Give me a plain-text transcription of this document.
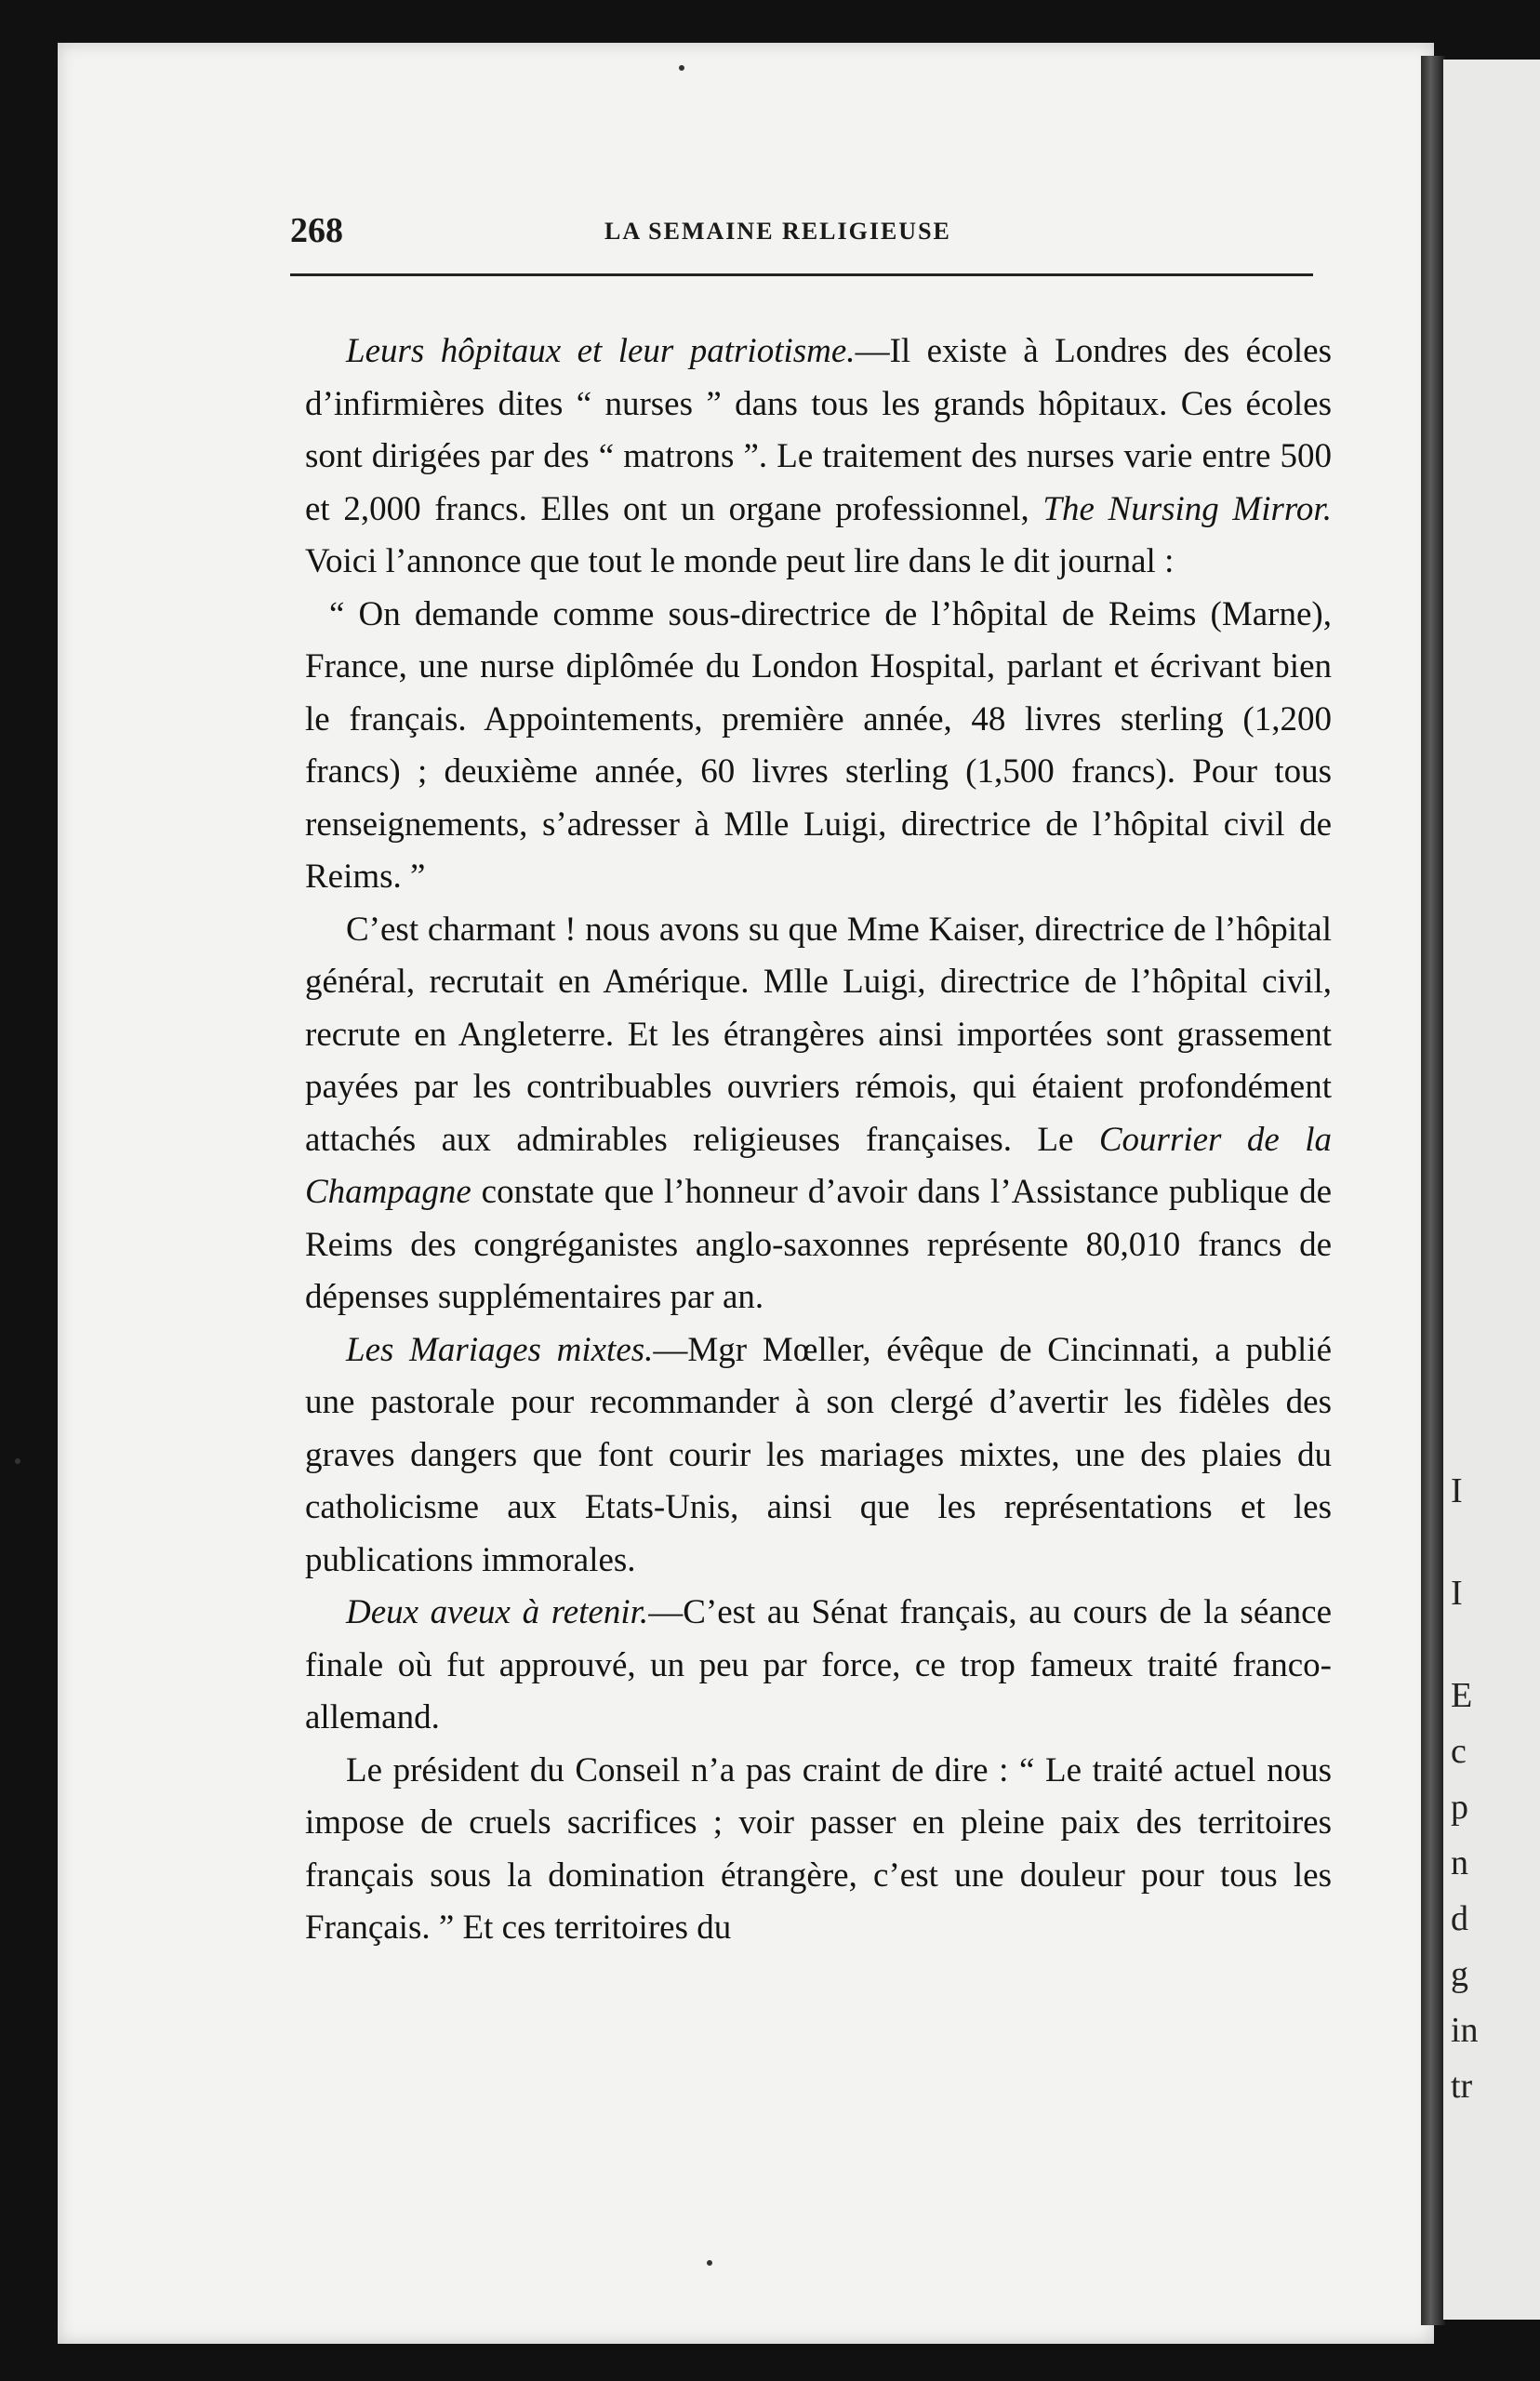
I
I
E
c
p
n
d
g
in
tr
268	LA SEMAINE RELIGIEUSE

Leurs hôpitaux et leur patriotisme.—Il existe à Londres des écoles d’infirmières dites “ nurses ” dans tous les grands hôpitaux. Ces écoles sont dirigées par des “ matrons ”. Le traitement des nurses varie entre 500 et 2,000 francs. Elles ont un organe professionnel, The Nursing Mirror. Voici l’annonce que tout le monde peut lire dans le dit journal :

“ On demande comme sous-directrice de l’hôpital de Reims (Marne), France, une nurse diplômée du London Hospital, parlant et écrivant bien le français. Appointements, première année, 48 livres sterling (1,200 francs) ; deuxième année, 60 livres sterling (1,500 francs). Pour tous renseignements, s’adresser à Mlle Luigi, directrice de l’hôpital civil de Reims. ”

C’est charmant ! nous avons su que Mme Kaiser, directrice de l’hôpital général, recrutait en Amérique. Mlle Luigi, directrice de l’hôpital civil, recrute en Angleterre. Et les étrangères ainsi importées sont grassement payées par les contribuables ouvriers rémois, qui étaient profondément attachés aux admirables religieuses françaises. Le Courrier de la Champagne constate que l’honneur d’avoir dans l’Assistance publique de Reims des congréganistes anglo-saxonnes représente 80,010 francs de dépenses supplémentaires par an.

Les Mariages mixtes.—Mgr Mœller, évêque de Cincinnati, a publié une pastorale pour recommander à son clergé d’avertir les fidèles des graves dangers que font courir les mariages mixtes, une des plaies du catholicisme aux Etats-Unis, ainsi que les représentations et les publications immorales.

Deux aveux à retenir.—C’est au Sénat français, au cours de la séance finale où fut approuvé, un peu par force, ce trop fameux traité franco-allemand.

Le président du Conseil n’a pas craint de dire : “ Le traité actuel nous impose de cruels sacrifices ; voir passer en pleine paix des territoires français sous la domination étrangère, c’est une douleur pour tous les Français. ” Et ces territoires du
